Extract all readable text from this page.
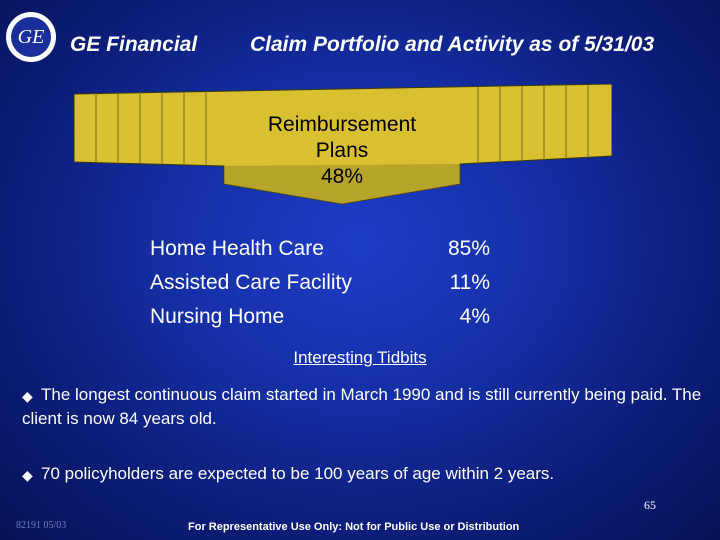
GE	GE Financial	Claim Portfolio and Activity as of 5/31/03
Reimbursement
Plans
48%
Home Health Care	85%
Assisted Care Facility	11%
Nursing Home	4%
Interesting Tidbits
◆ The longest continuous claim started in March 1990 and is still currently being paid. The client is now 84 years old.
◆ 70 policyholders are expected to be 100 years of age within 2 years.
65
82191 05/03	For Representative Use Only: Not for Public Use or Distribution
